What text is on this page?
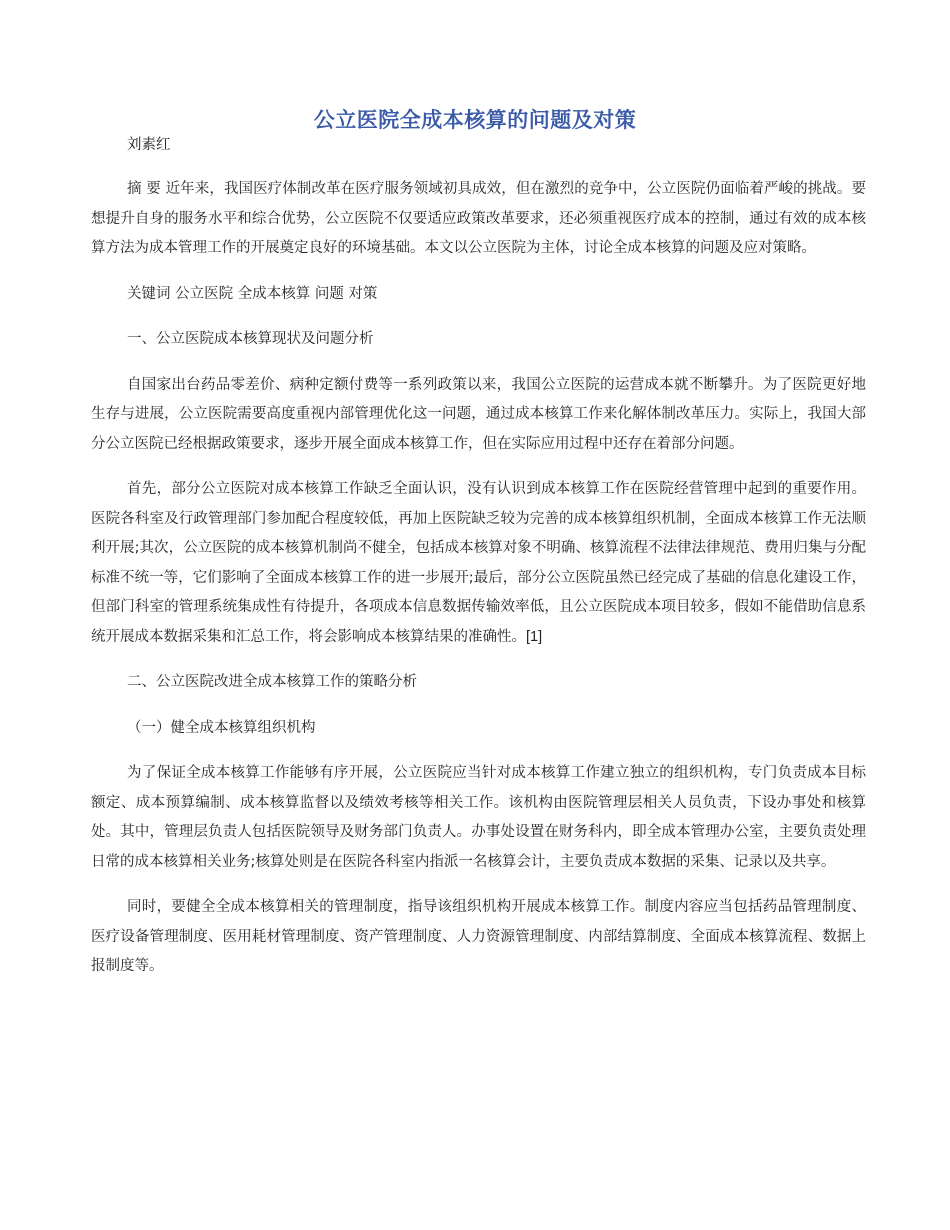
公立医院全成本核算的问题及对策
刘素红

摘 要 近年来，我国医疗体制改革在医疗服务领域初具成效，但在激烈的竞争中，公立医院仍面临着严峻的挑战。要想提升自身的服务水平和综合优势，公立医院不仅要适应政策改革要求，还必须重视医疗成本的控制，通过有效的成本核算方法为成本管理工作的开展奠定良好的环境基础。本文以公立医院为主体，讨论全成本核算的问题及应对策略。

关键词 公立医院 全成本核算 问题 对策

一、公立医院成本核算现状及问题分析

自国家出台药品零差价、病种定额付费等一系列政策以来，我国公立医院的运营成本就不断攀升。为了医院更好地生存与进展，公立医院需要高度重视内部管理优化这一问题，通过成本核算工作来化解体制改革压力。实际上，我国大部分公立医院已经根据政策要求，逐步开展全面成本核算工作，但在实际应用过程中还存在着部分问题。

首先，部分公立医院对成本核算工作缺乏全面认识，没有认识到成本核算工作在医院经营管理中起到的重要作用。医院各科室及行政管理部门参加配合程度较低，再加上医院缺乏较为完善的成本核算组织机制，全面成本核算工作无法顺利开展;其次，公立医院的成本核算机制尚不健全，包括成本核算对象不明确、核算流程不法律法律规范、费用归集与分配标准不统一等，它们影响了全面成本核算工作的进一步展开;最后，部分公立医院虽然已经完成了基础的信息化建设工作，但部门科室的管理系统集成性有待提升，各项成本信息数据传输效率低，且公立医院成本项目较多，假如不能借助信息系统开展成本数据采集和汇总工作，将会影响成本核算结果的准确性。[1]

二、公立医院改进全成本核算工作的策略分析

（一）健全成本核算组织机构

为了保证全成本核算工作能够有序开展，公立医院应当针对成本核算工作建立独立的组织机构，专门负责成本目标额定、成本预算编制、成本核算监督以及绩效考核等相关工作。该机构由医院管理层相关人员负责，下设办事处和核算处。其中，管理层负责人包括医院领导及财务部门负责人。办事处设置在财务科内，即全成本管理办公室，主要负责处理日常的成本核算相关业务;核算处则是在医院各科室内指派一名核算会计，主要负责成本数据的采集、记录以及共享。

同时，要健全全成本核算相关的管理制度，指导该组织机构开展成本核算工作。制度内容应当包括药品管理制度、医疗设备管理制度、医用耗材管理制度、资产管理制度、人力资源管理制度、内部结算制度、全面成本核算流程、数据上报制度等。
